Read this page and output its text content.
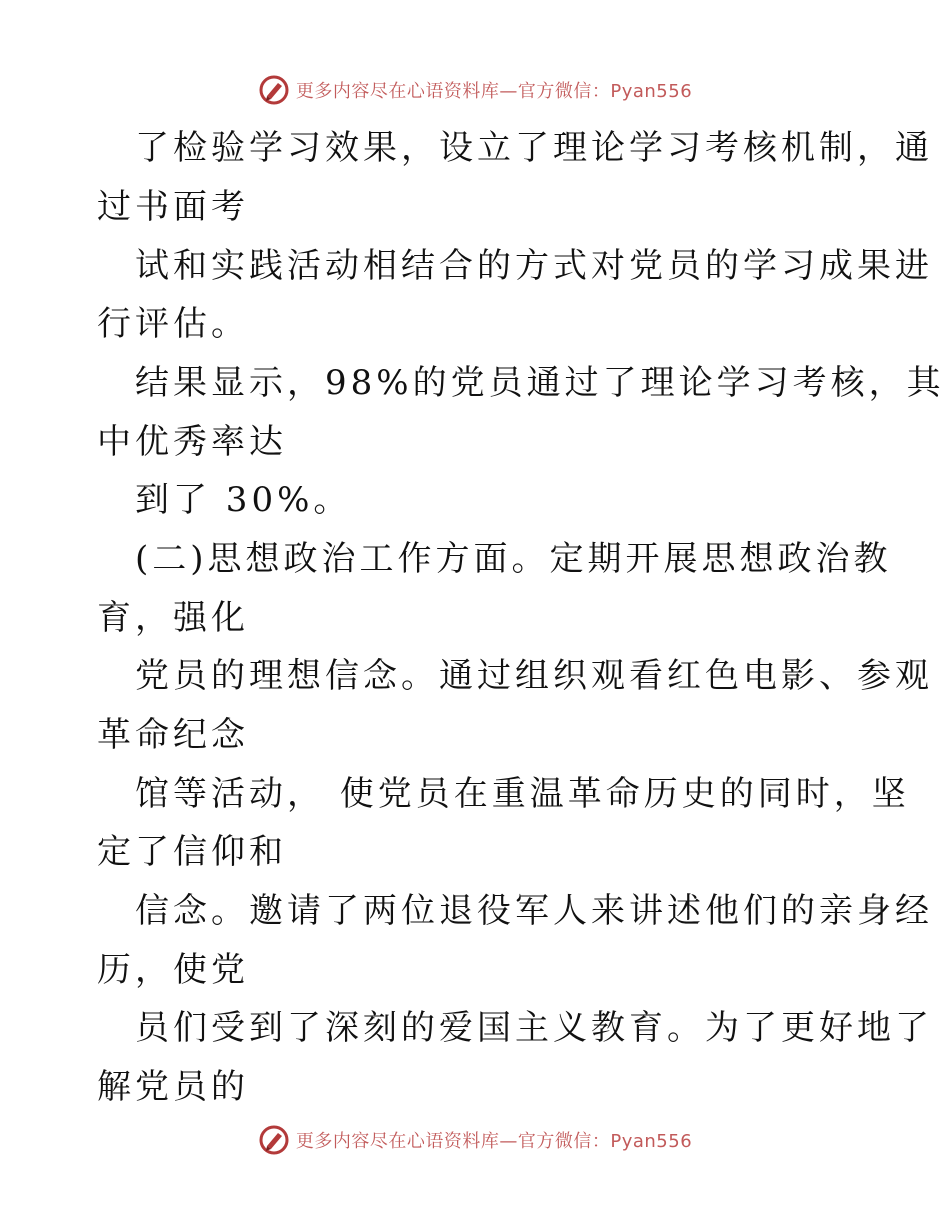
更多内容尽在心语资料库—官方微信：Pyan556
了检验学习效果，设立了理论学习考核机制，通
过书面考
试和实践活动相结合的方式对党员的学习成果进
行评估。
结果显示，98%的党员通过了理论学习考核，其
中优秀率达
到了 30%。
(二)思想政治工作方面。定期开展思想政治教
育，强化
党员的理想信念。通过组织观看红色电影、参观
革命纪念
馆等活动， 使党员在重温革命历史的同时，坚
定了信仰和
信念。邀请了两位退役军人来讲述他们的亲身经
历，使党
员们受到了深刻的爱国主义教育。为了更好地了
解党员的
更多内容尽在心语资料库—官方微信：Pyan556
